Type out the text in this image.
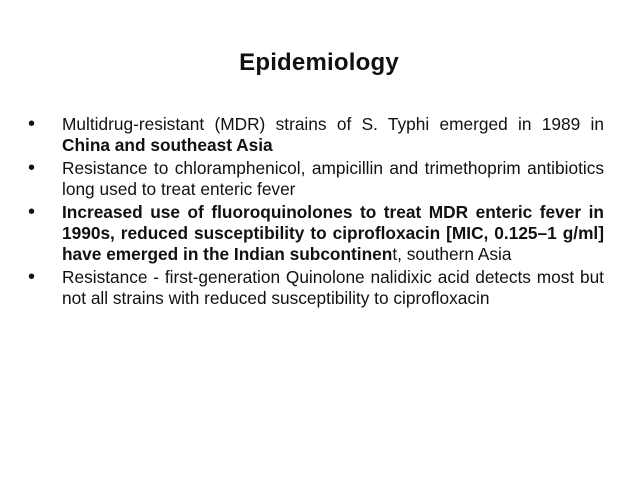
Epidemiology
•	Multidrug-resistant (MDR) strains of S. Typhi emerged in 1989 in China and southeast Asia
•	Resistance to chloramphenicol, ampicillin and trimethoprim antibiotics long used to treat enteric fever
•	Increased use of fluoroquinolones to treat MDR enteric fever in 1990s, reduced susceptibility to ciprofloxacin [MIC, 0.125–1 g/ml] have emerged in the Indian subcontinent, southern Asia
•	Resistance - first-generation Quinolone nalidixic acid detects most but not all strains with reduced susceptibility to ciprofloxacin
